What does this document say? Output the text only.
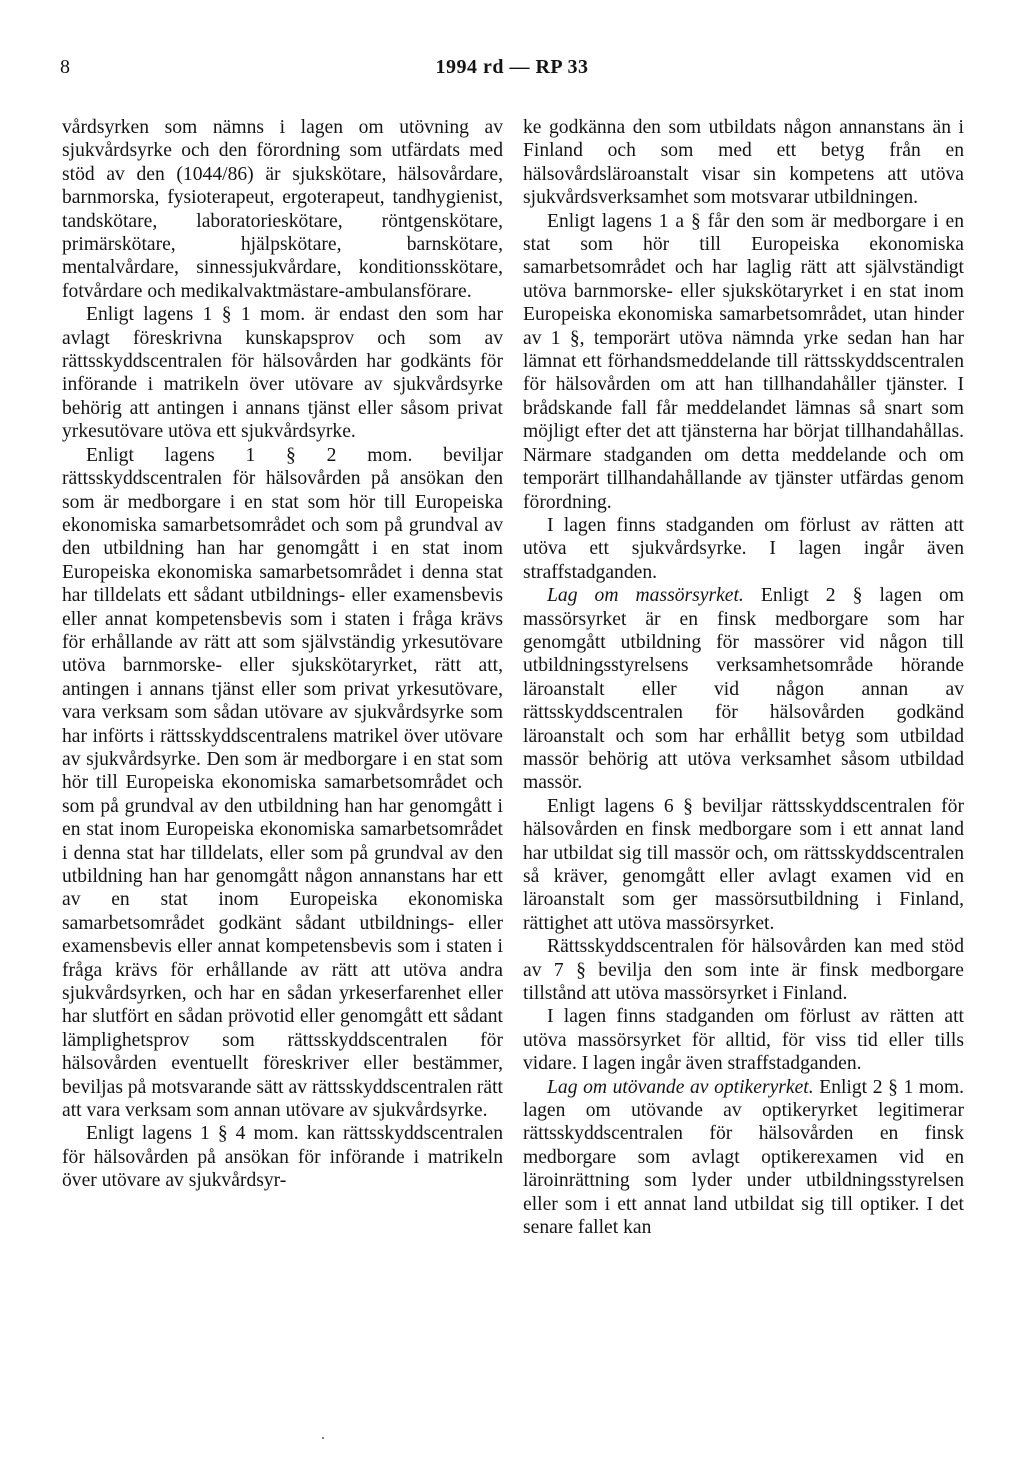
8	1994 rd — RP 33

vårdsyrken som nämns i lagen om utövning av sjukvårdsyrke och den förordning som utfärdats med stöd av den (1044/86) är sjukskötare, hälsovårdare, barnmorska, fysioterapeut, ergoterapeut, tandhygienist, tandskötare, laboratorieskötare, röntgenskötare, primärskötare, hjälpskötare, barnskötare, mentalvårdare, sinnessjukvårdare, konditionsskötare, fotvårdare och medikalvaktmästare-ambulansförare.

Enligt lagens 1 § 1 mom. är endast den som har avlagt föreskrivna kunskapsprov och som av rättsskyddscentralen för hälsovården har godkänts för införande i matrikeln över utövare av sjukvårdsyrke behörig att antingen i annans tjänst eller såsom privat yrkesutövare utöva ett sjukvårdsyrke.

Enligt lagens 1 § 2 mom. beviljar rättsskyddscentralen för hälsovården på ansökan den som är medborgare i en stat som hör till Europeiska ekonomiska samarbetsområdet och som på grundval av den utbildning han har genomgått i en stat inom Europeiska ekonomiska samarbetsområdet i denna stat har tilldelats ett sådant utbildnings- eller examensbevis eller annat kompetensbevis som i staten i fråga krävs för erhållande av rätt att som självständig yrkesutövare utöva barnmorske- eller sjukskötaryrket, rätt att, antingen i annans tjänst eller som privat yrkesutövare, vara verksam som sådan utövare av sjukvårdsyrke som har införts i rättsskyddscentralens matrikel över utövare av sjukvårdsyrke. Den som är medborgare i en stat som hör till Europeiska ekonomiska samarbetsområdet och som på grundval av den utbildning han har genomgått i en stat inom Europeiska ekonomiska samarbetsområdet i denna stat har tilldelats, eller som på grundval av den utbildning han har genomgått någon annanstans har ett av en stat inom Europeiska ekonomiska samarbetsområdet godkänt sådant utbildnings- eller examensbevis eller annat kompetensbevis som i staten i fråga krävs för erhållande av rätt att utöva andra sjukvårdsyrken, och har en sådan yrkeserfarenhet eller har slutfört en sådan prövotid eller genomgått ett sådant lämplighetsprov som rättsskyddscentralen för hälsovården eventuellt föreskriver eller bestämmer, beviljas på motsvarande sätt av rättsskyddscentralen rätt att vara verksam som annan utövare av sjukvårdsyrke.

Enligt lagens 1 § 4 mom. kan rättsskyddscentralen för hälsovården på ansökan för införande i matrikeln över utövare av sjukvårdsyr-

ke godkänna den som utbildats någon annanstans än i Finland och som med ett betyg från en hälsovårdsläroanstalt visar sin kompetens att utöva sjukvårdsverksamhet som motsvarar utbildningen.

Enligt lagens 1 a § får den som är medborgare i en stat som hör till Europeiska ekonomiska samarbetsområdet och har laglig rätt att självständigt utöva barnmorske- eller sjukskötaryrket i en stat inom Europeiska ekonomiska samarbetsområdet, utan hinder av 1 §, temporärt utöva nämnda yrke sedan han har lämnat ett förhandsmeddelande till rättsskyddscentralen för hälsovården om att han tillhandahåller tjänster. I brådskande fall får meddelandet lämnas så snart som möjligt efter det att tjänsterna har börjat tillhandahållas. Närmare stadganden om detta meddelande och om temporärt tillhandahållande av tjänster utfärdas genom förordning.

I lagen finns stadganden om förlust av rätten att utöva ett sjukvårdsyrke. I lagen ingår även straffstadganden.

Lag om massörsyrket. Enligt 2 § lagen om massörsyrket är en finsk medborgare som har genomgått utbildning för massörer vid någon till utbildningsstyrelsens verksamhetsområde hörande läroanstalt eller vid någon annan av rättsskyddscentralen för hälsovården godkänd läroanstalt och som har erhållit betyg som utbildad massör behörig att utöva verksamhet såsom utbildad massör.

Enligt lagens 6 § beviljar rättsskyddscentralen för hälsovården en finsk medborgare som i ett annat land har utbildat sig till massör och, om rättsskyddscentralen så kräver, genomgått eller avlagt examen vid en läroanstalt som ger massörsutbildning i Finland, rättighet att utöva massörsyrket.

Rättsskyddscentralen för hälsovården kan med stöd av 7 § bevilja den som inte är finsk medborgare tillstånd att utöva massörsyrket i Finland.

I lagen finns stadganden om förlust av rätten att utöva massörsyrket för alltid, för viss tid eller tills vidare. I lagen ingår även straffstadganden.

Lag om utövande av optikeryrket. Enligt 2 § 1 mom. lagen om utövande av optikeryrket legitimerar rättsskyddscentralen för hälsovården en finsk medborgare som avlagt optikerexamen vid en läroinrättning som lyder under utbildningsstyrelsen eller som i ett annat land utbildat sig till optiker. I det senare fallet kan
